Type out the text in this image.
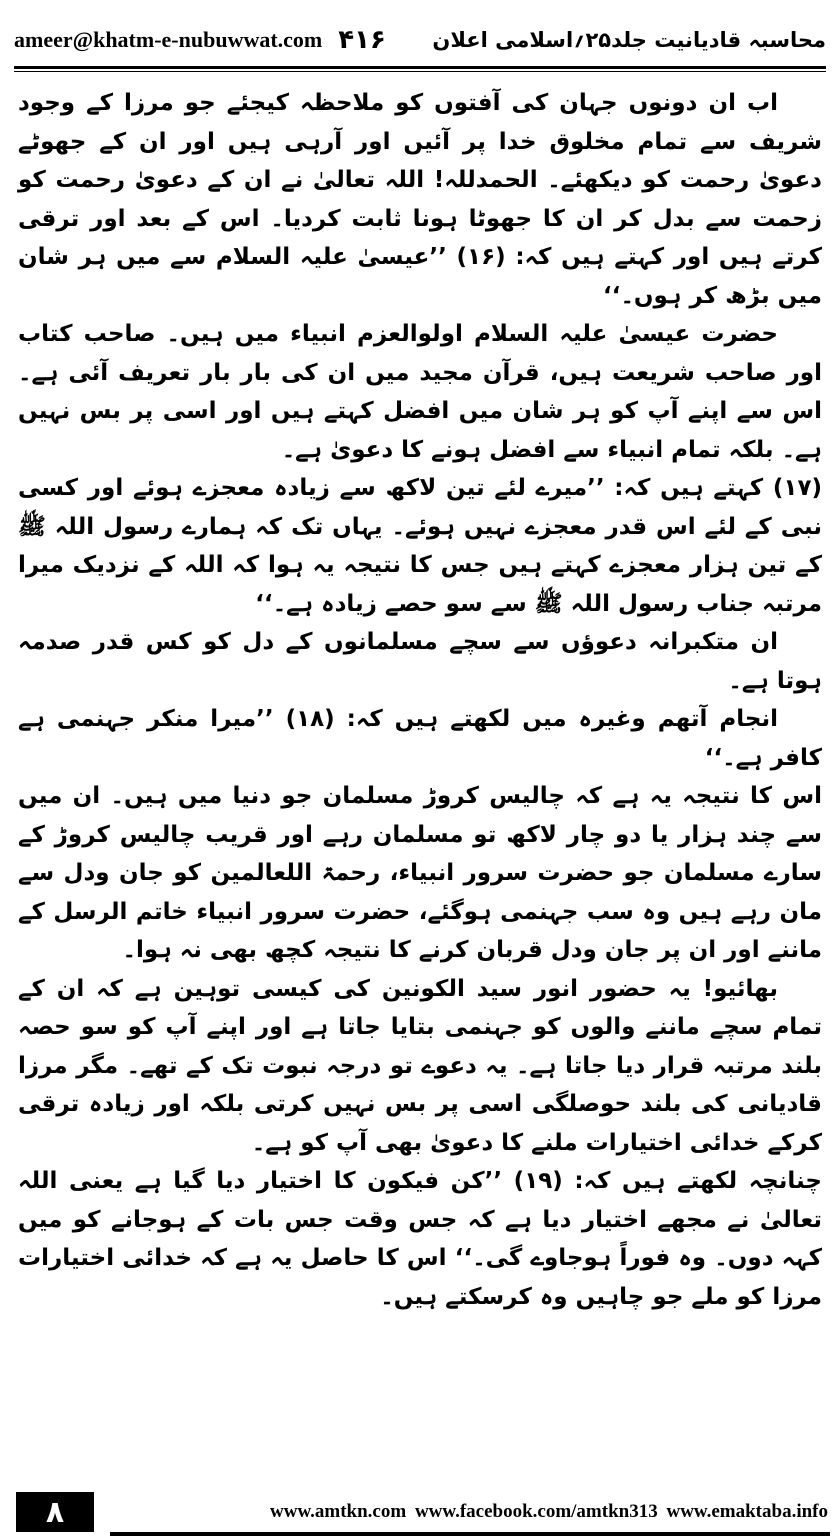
ameer@khatm-e-nubuwwat.com ۴۱۶ محاسبہ قادیانیت جلد۲۵؍اسلامی اعلان

اب ان دونوں جہان کی آفتوں کو ملاحظہ کیجئے جو مرزا کے وجود شریف سے تمام مخلوق خدا پر آئیں اور آرہی ہیں اور ان کے جھوٹے دعویٰ رحمت کو دیکھئے۔ الحمدللہ! اللہ تعالیٰ نے ان کے دعویٰ رحمت کو زحمت سے بدل کر ان کا جھوٹا ہونا ثابت کردیا۔ اس کے بعد اور ترقی کرتے ہیں اور کہتے ہیں کہ: (۱۶) ’’عیسیٰ علیہ السلام سے میں ہر شان میں بڑھ کر ہوں۔‘‘

حضرت عیسیٰ علیہ السلام اولوالعزم انبیاء میں ہیں۔ صاحب کتاب اور صاحب شریعت ہیں، قرآن مجید میں ان کی بار بار تعریف آئی ہے۔ اس سے اپنے آپ کو ہر شان میں افضل کہتے ہیں اور اسی پر بس نہیں ہے۔ بلکہ تمام انبیاء سے افضل ہونے کا دعویٰ ہے۔

(۱۷) کہتے ہیں کہ: ’’میرے لئے تین لاکھ سے زیادہ معجزے ہوئے اور کسی نبی کے لئے اس قدر معجزے نہیں ہوئے۔ یہاں تک کہ ہمارے رسول اللہ ﷺ کے تین ہزار معجزے کہتے ہیں جس کا نتیجہ یہ ہوا کہ اللہ کے نزدیک میرا مرتبہ جناب رسول اللہ ﷺ سے سو حصے زیادہ ہے۔‘‘

ان متکبرانہ دعوؤں سے سچے مسلمانوں کے دل کو کس قدر صدمہ ہوتا ہے۔

انجام آتھم وغیرہ میں لکھتے ہیں کہ: (۱۸) ’’میرا منکر جہنمی ہے کافر ہے۔‘‘

اس کا نتیجہ یہ ہے کہ چالیس کروڑ مسلمان جو دنیا میں ہیں۔ ان میں سے چند ہزار یا دو چار لاکھ تو مسلمان رہے اور قریب چالیس کروڑ کے سارے مسلمان جو حضرت سرور انبیاء، رحمۃ اللعالمین کو جان ودل سے مان رہے ہیں وہ سب جہنمی ہوگئے، حضرت سرور انبیاء خاتم الرسل کے ماننے اور ان پر جان ودل قربان کرنے کا نتیجہ کچھ بھی نہ ہوا۔

بھائیو! یہ حضور انور سید الکونین کی کیسی توہین ہے کہ ان کے تمام سچے ماننے والوں کو جہنمی بتایا جاتا ہے اور اپنے آپ کو سو حصہ بلند مرتبہ قرار دیا جاتا ہے۔ یہ دعوے تو درجہ نبوت تک کے تھے۔ مگر مرزا قادیانی کی بلند حوصلگی اسی پر بس نہیں کرتی بلکہ اور زیادہ ترقی کرکے خدائی اختیارات ملنے کا دعویٰ بھی آپ کو ہے۔

چنانچہ لکھتے ہیں کہ: (۱۹) ’’کن فیکون کا اختیار دیا گیا ہے یعنی اللہ تعالیٰ نے مجھے اختیار دیا ہے کہ جس وقت جس بات کے ہوجانے کو میں کہہ دوں۔ وہ فوراً ہوجاوے گی۔‘‘ اس کا حاصل یہ ہے کہ خدائی اختیارات مرزا کو ملے جو چاہیں وہ کرسکتے ہیں۔

۸	www.amtkn.com
www.facebook.com/amtkn313
www.emaktaba.info
